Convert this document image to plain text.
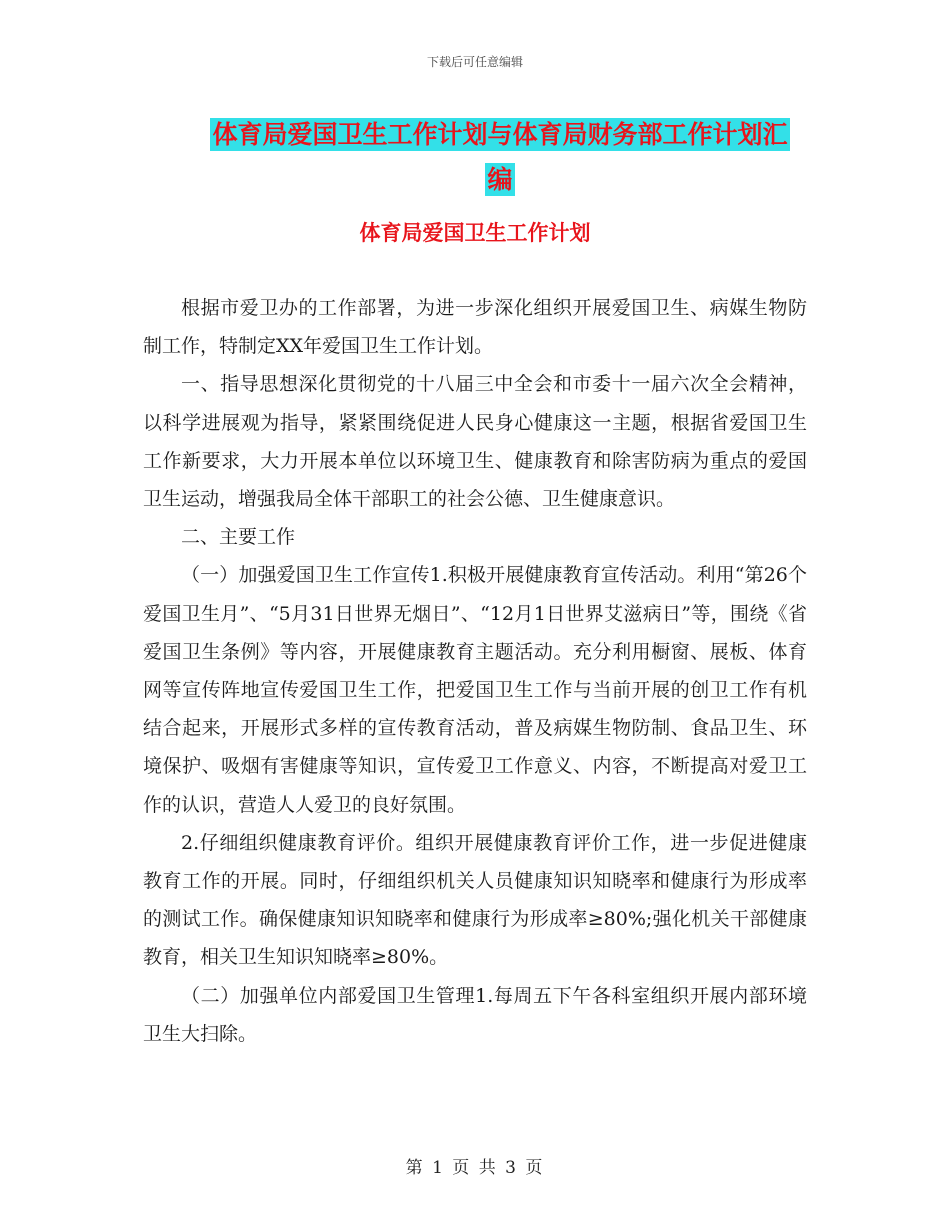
下载后可任意编辑
体育局爱国卫生工作计划与体育局财务部工作计划汇
编
体育局爱国卫生工作计划

根据市爱卫办的工作部署，为进一步深化组织开展爱国卫生、病媒生物防制工作，特制定XX年爱国卫生工作计划。

一、指导思想深化贯彻党的十八届三中全会和市委十一届六次全会精神，以科学进展观为指导，紧紧围绕促进人民身心健康这一主题，根据省爱国卫生工作新要求，大力开展本单位以环境卫生、健康教育和除害防病为重点的爱国卫生运动，增强我局全体干部职工的社会公德、卫生健康意识。

二、主要工作

（一）加强爱国卫生工作宣传1.积极开展健康教育宣传活动。利用“第26个爱国卫生月”、“5月31日世界无烟日”、“12月1日世界艾滋病日”等，围绕《省爱国卫生条例》等内容，开展健康教育主题活动。充分利用橱窗、展板、体育网等宣传阵地宣传爱国卫生工作，把爱国卫生工作与当前开展的创卫工作有机结合起来，开展形式多样的宣传教育活动，普及病媒生物防制、食品卫生、环境保护、吸烟有害健康等知识，宣传爱卫工作意义、内容，不断提高对爱卫工作的认识，营造人人爱卫的良好氛围。

2.仔细组织健康教育评价。组织开展健康教育评价工作，进一步促进健康教育工作的开展。同时，仔细组织机关人员健康知识知晓率和健康行为形成率的测试工作。确保健康知识知晓率和健康行为形成率≥80%;强化机关干部健康教育，相关卫生知识知晓率≥80%。

（二）加强单位内部爱国卫生管理1.每周五下午各科室组织开展内部环境卫生大扫除。

第 1 页 共 3 页
